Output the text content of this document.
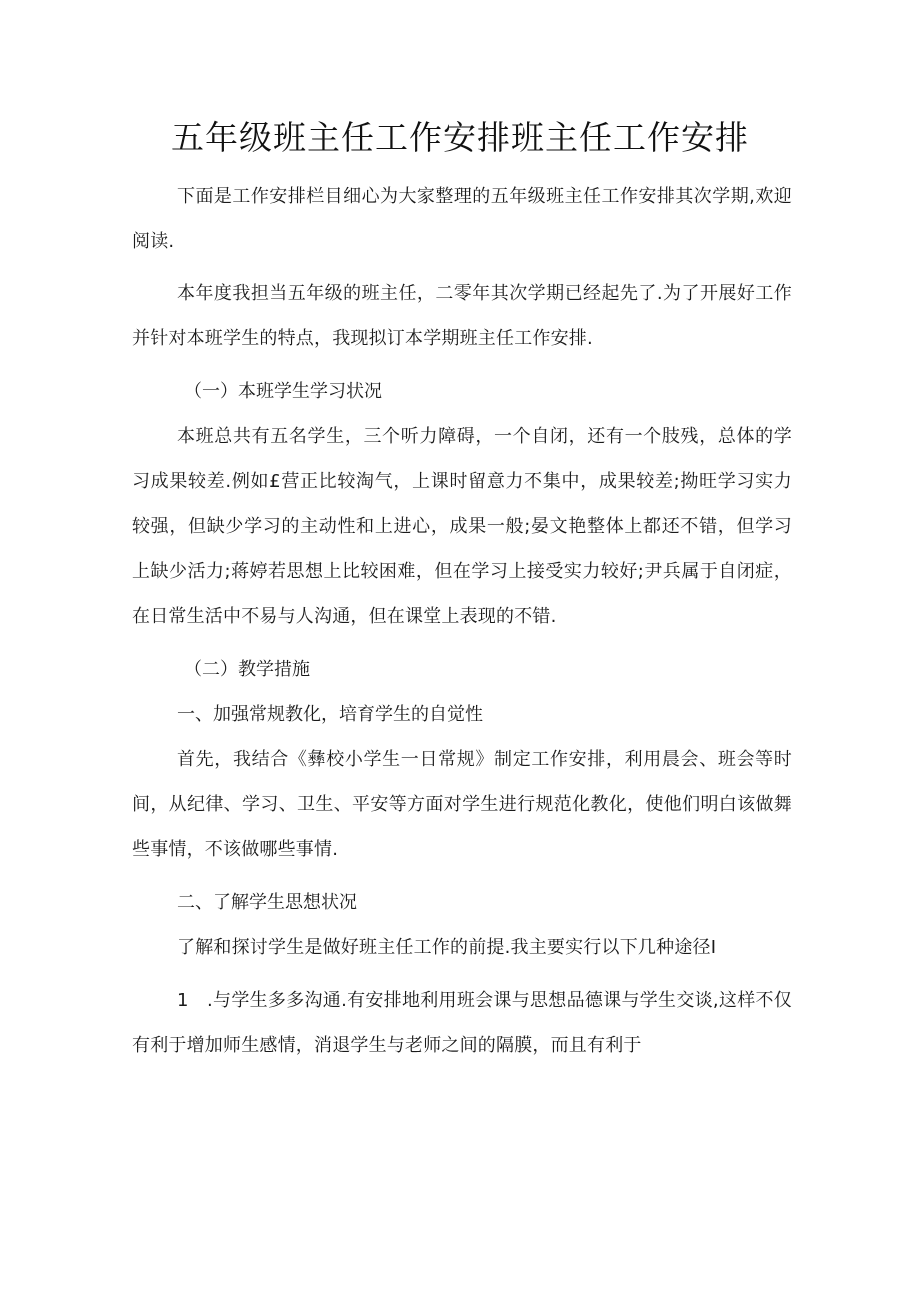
五年级班主任工作安排班主任工作安排

下面是工作安排栏目细心为大家整理的五年级班主任工作安排其次学期,欢迎阅读.

本年度我担当五年级的班主任，二零年其次学期已经起先了.为了开展好工作并针对本班学生的特点，我现拟订本学期班主任工作安排.

（一）本班学生学习状况

本班总共有五名学生，三个听力障碍，一个自闭，还有一个肢残，总体的学习成果较差.例如£营正比较淘气，上课时留意力不集中，成果较差;拗旺学习实力较强，但缺少学习的主动性和上进心，成果一般;晏文艳整体上都还不错，但学习上缺少活力;蒋婷若思想上比较困难，但在学习上接受实力较好;尹兵属于自闭症，在日常生活中不易与人沟通，但在课堂上表现的不错.

（二）教学措施

一、加强常规教化，培育学生的自觉性

首先，我结合《彝校小学生一日常规》制定工作安排，利用晨会、班会等时间，从纪律、学习、卫生、平安等方面对学生进行规范化教化，使他们明白该做舞些事情，不该做哪些事情.

二、了解学生思想状况

了解和探讨学生是做好班主任工作的前提.我主要实行以下几种途径I

1　.与学生多多沟通.有安排地利用班会课与思想品德课与学生交谈,这样不仅有利于增加师生感情，消退学生与老师之间的隔膜，而且有利于
